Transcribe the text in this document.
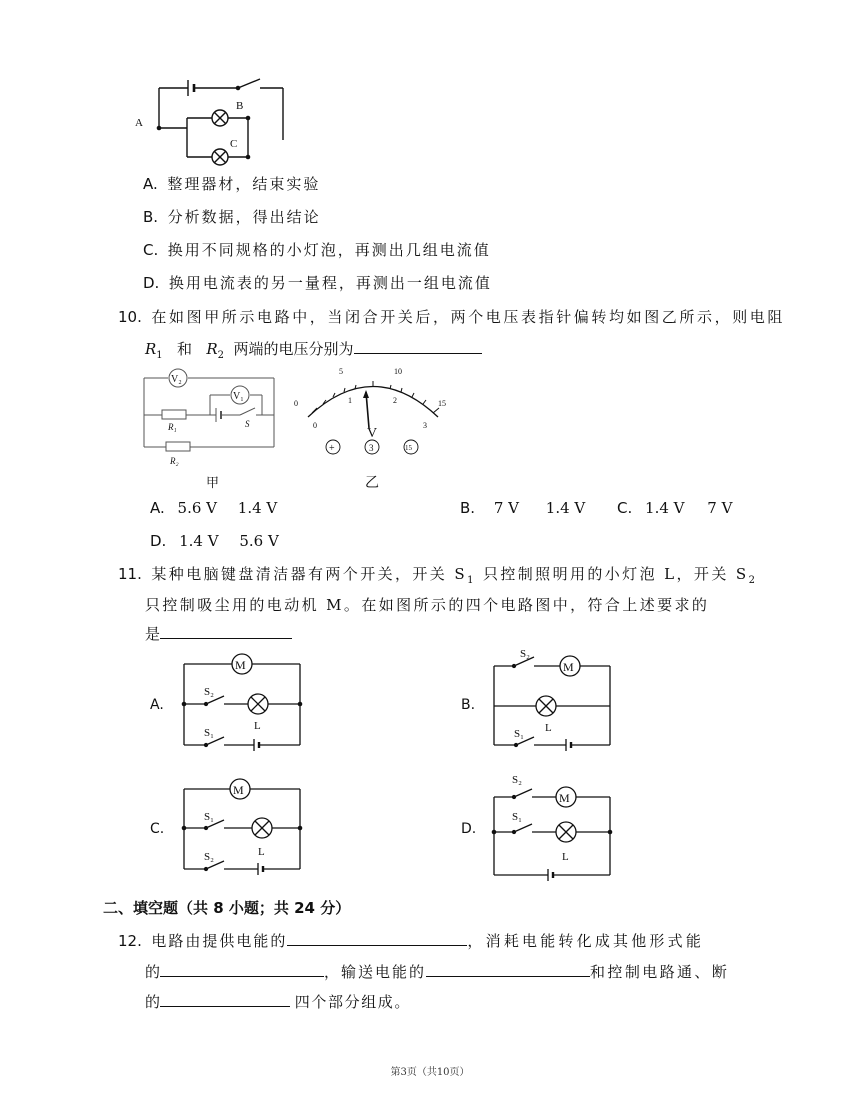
A
B
C
A. 整理器材，结束实验
B. 分析数据，得出结论
C. 换用不同规格的小灯泡，再测出几组电流值
D. 换用电流表的另一量程，再测出一组电流值
10. 在如图甲所示电路中，当闭合开关后，两个电压表指针偏转均如图乙所示，则电阻
$R_1$ 和 $R_2$ 两端的电压分别为
V₂
V₁
R₁	S
R₂
甲
0
5	10
15
0
1	2
3
V
+	3	15
乙
A. 5.6 V 1.4 V	B. 7 V 1.4 V C. 1.4 V 7 V
D. 1.4 V 5.6 V
11. 某种电脑键盘清洁器有两个开关，开关 $S_1$ 只控制照明用的小灯泡 L，开关 $S_2$
只控制吸尘用的电动机 M。在如图所示的四个电路图中，符合上述要求的
是
A.
M
S₂
L
S₁
B.
S₂
M
L
S₁
C.
M
S₁
L
S₂
D.
S₂
M
S₁
L
二、填空题（共 8 小题；共 24 分）
12. 电路由提供电能的	，消耗电能转化成其他形式能
的	，输送电能的	和控制电路通、断
的	四个部分组成。
第3页（共10页）
